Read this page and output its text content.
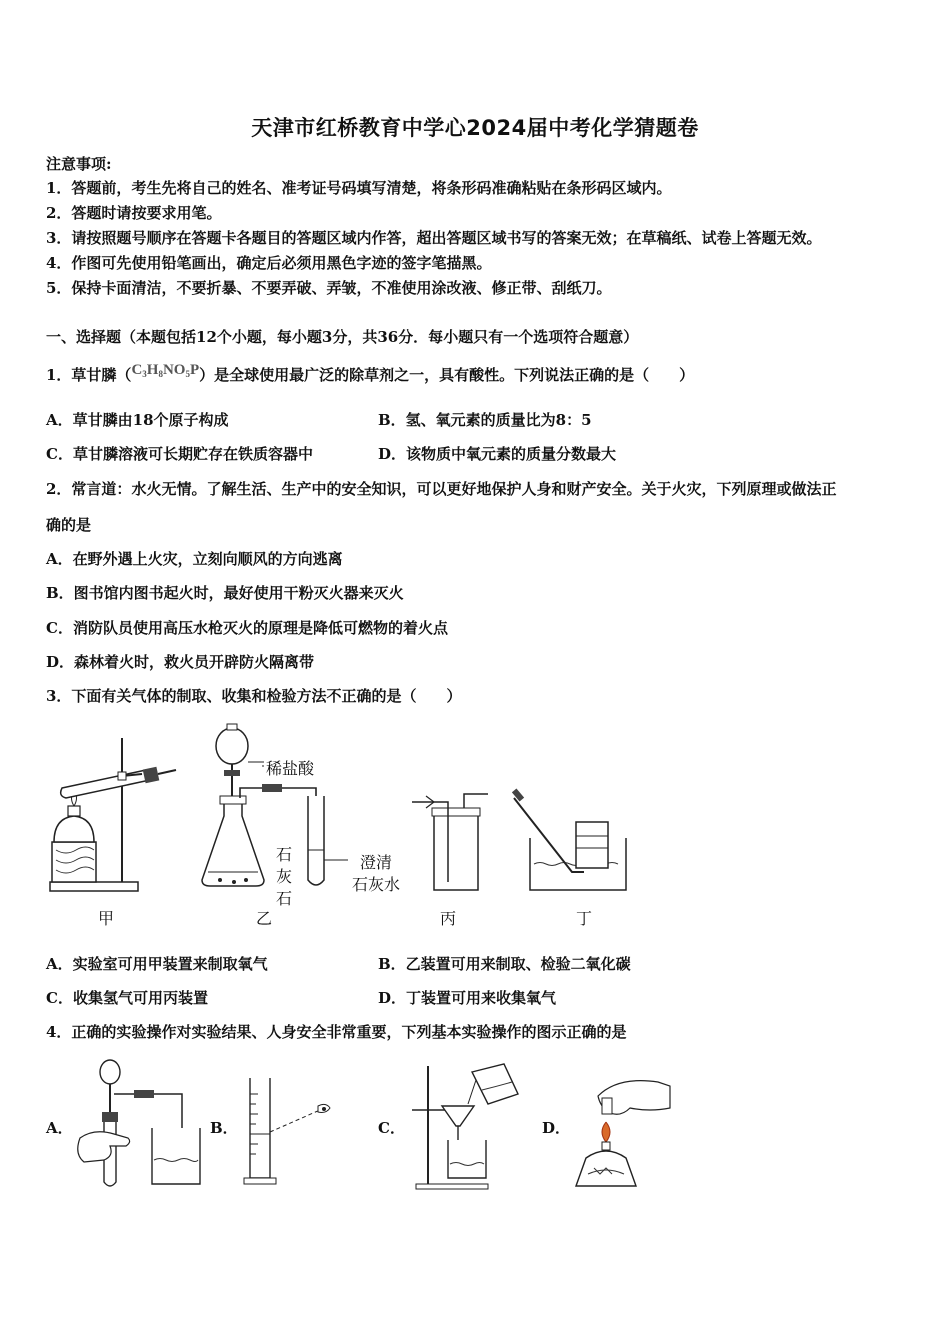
天津市红桥教育中学心2024届中考化学猜题卷
注意事项:
1．答题前，考生先将自己的姓名、准考证号码填写清楚，将条形码准确粘贴在条形码区域内。
2．答题时请按要求用笔。
3．请按照题号顺序在答题卡各题目的答题区域内作答，超出答题区域书写的答案无效；在草稿纸、试卷上答题无效。
4．作图可先使用铅笔画出，确定后必须用黑色字迹的签字笔描黑。
5．保持卡面清洁，不要折暴、不要弄破、弄皱，不准使用涂改液、修正带、刮纸刀。
一、选择题（本题包括12个小题，每小题3分，共36分．每小题只有一个选项符合题意）
1．草甘膦$(C_3H_8NO_5P)$是全球使用最广泛的除草剂之一，具有酸性。下列说法正确的是（　　）
A．草甘膦由18个原子构成	B．氢、氧元素的质量比为8：5
C．草甘膦溶液可长期贮存在铁质容器中	D．该物质中氧元素的质量分数最大
2．常言道：水火无情。了解生活、生产中的安全知识，可以更好地保护人身和财产安全。关于火灾，下列原理或做法正
确的是
A．在野外遇上火灾，立刻向顺风的方向逃离
B．图书馆内图书起火时，最好使用干粉灭火器来灭火
C．消防队员使用高压水枪灭火的原理是降低可燃物的着火点
D．森林着火时，救火员开辟防火隔离带
3．下面有关气体的制取、收集和检验方法不正确的是（　　）
甲
稀盐酸
石
灰
石
澄清
石灰水
乙	丙	丁
A．实验室可用甲装置来制取氧气	B．乙装置可用来制取、检验二氧化碳
C．收集氢气可用丙装置	D．丁装置可用来收集氧气
4．正确的实验操作对实验结果、人身安全非常重要，下列基本实验操作的图示正确的是
A．	B．	C．	D．
